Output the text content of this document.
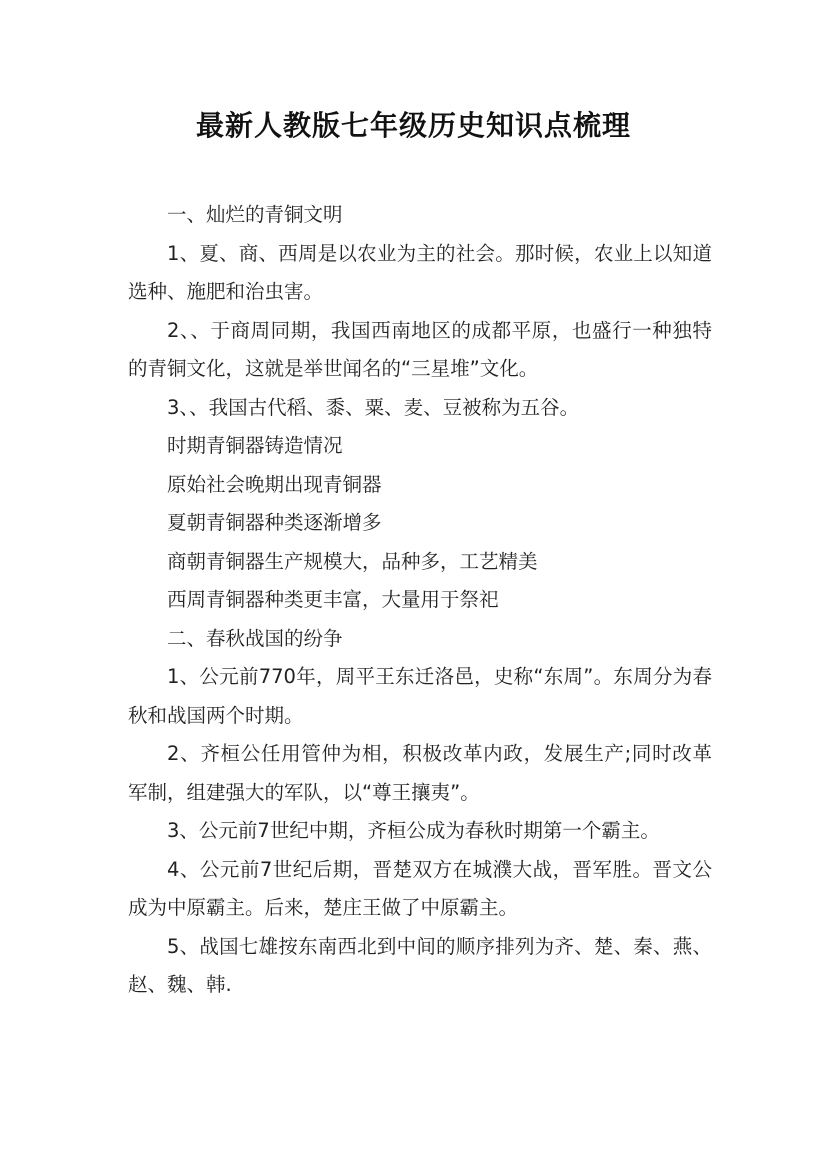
最新人教版七年级历史知识点梳理

一、灿烂的青铜文明

1、夏、商、西周是以农业为主的社会。那时候，农业上以知道选种、施肥和治虫害。

2、、于商周同期，我国西南地区的成都平原，也盛行一种独特的青铜文化，这就是举世闻名的“三星堆”文化。

3、、我国古代稻、黍、粟、麦、豆被称为五谷。

时期青铜器铸造情况

原始社会晚期出现青铜器

夏朝青铜器种类逐渐增多

商朝青铜器生产规模大，品种多，工艺精美

西周青铜器种类更丰富，大量用于祭祀

二、春秋战国的纷争

1、公元前770年，周平王东迁洛邑，史称“东周”。东周分为春秋和战国两个时期。

2、齐桓公任用管仲为相，积极改革内政，发展生产;同时改革军制，组建强大的军队，以“尊王攘夷”。

3、公元前7世纪中期，齐桓公成为春秋时期第一个霸主。

4、公元前7世纪后期，晋楚双方在城濮大战，晋军胜。晋文公成为中原霸主。后来，楚庄王做了中原霸主。

5、战国七雄按东南西北到中间的顺序排列为齐、楚、秦、燕、赵、魏、韩.
